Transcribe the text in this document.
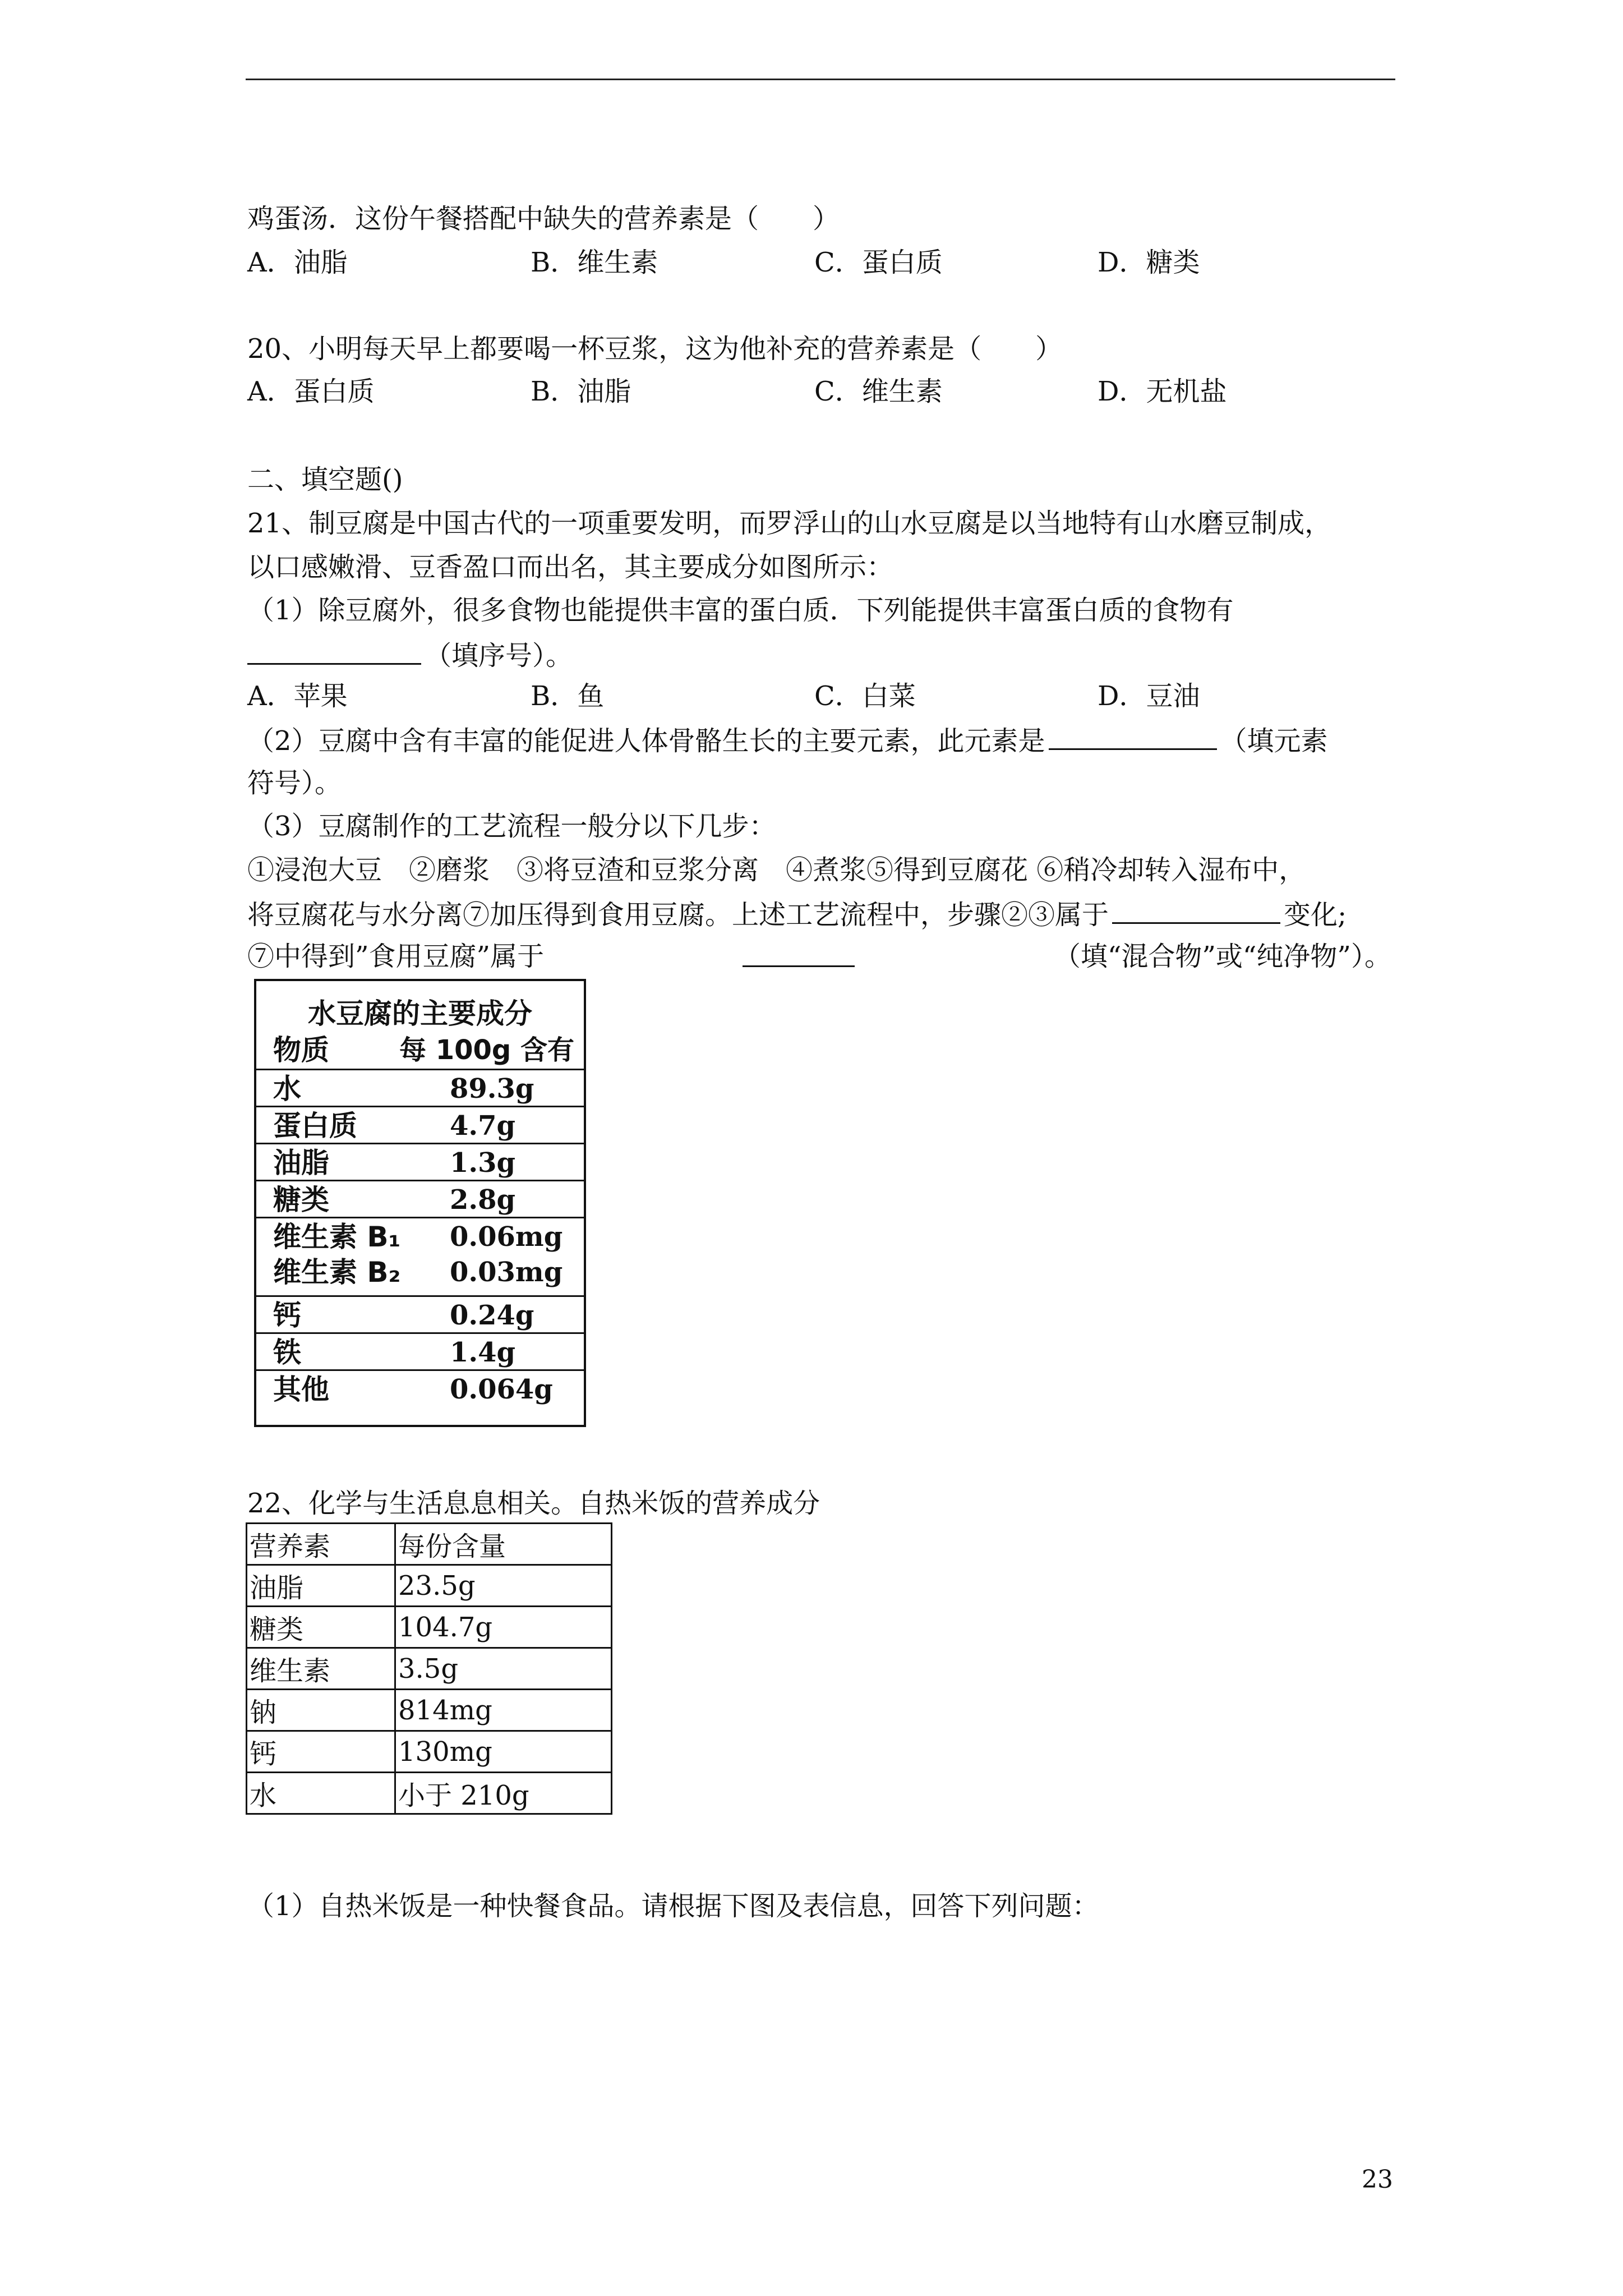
鸡蛋汤．这份午餐搭配中缺失的营养素是（　　）
A．油脂	B．维生素	C．蛋白质	D．糖类
20、小明每天早上都要喝一杯豆浆，这为他补充的营养素是（　　）
A．蛋白质	B．油脂	C．维生素	D．无机盐
二、填空题()
21、制豆腐是中国古代的一项重要发明，而罗浮山的山水豆腐是以当地特有山水磨豆制成，
以口感嫩滑、豆香盈口而出名，其主要成分如图所示：
（1）除豆腐外，很多食物也能提供丰富的蛋白质．下列能提供丰富蛋白质的食物有
（填序号）。
A．苹果	B．鱼	C．白菜	D．豆油
（2）豆腐中含有丰富的能促进人体骨骼生长的主要元素，此元素是	（填元素
符号）。
（3）豆腐制作的工艺流程一般分以下几步：
①浸泡大豆　②磨浆　③将豆渣和豆浆分离　④煮浆⑤得到豆腐花 ⑥稍冷却转入湿布中，
将豆腐花与水分离⑦加压得到食用豆腐。上述工艺流程中，步骤②③属于	变化;
⑦中得到”食用豆腐”属于	（填“混合物”或“纯净物”）。
水豆腐的主要成分
物质	每 100g 含有
水	89.3g
蛋白质	4.7g
油脂	1.3g
糖类	2.8g
维生素 B₁ 0.06mg
维生素 B₂ 0.03mg
钙	0.24g
铁	1.4g
其他	0.064g
22、化学与生活息息相关。自热米饭的营养成分
营养素	每份含量
油脂	23.5g
糖类	104.7g
维生素	3.5g
钠	814mg
钙	130mg
水	小于 210g
（1）自热米饭是一种快餐食品。请根据下图及表信息，回答下列问题：
23
